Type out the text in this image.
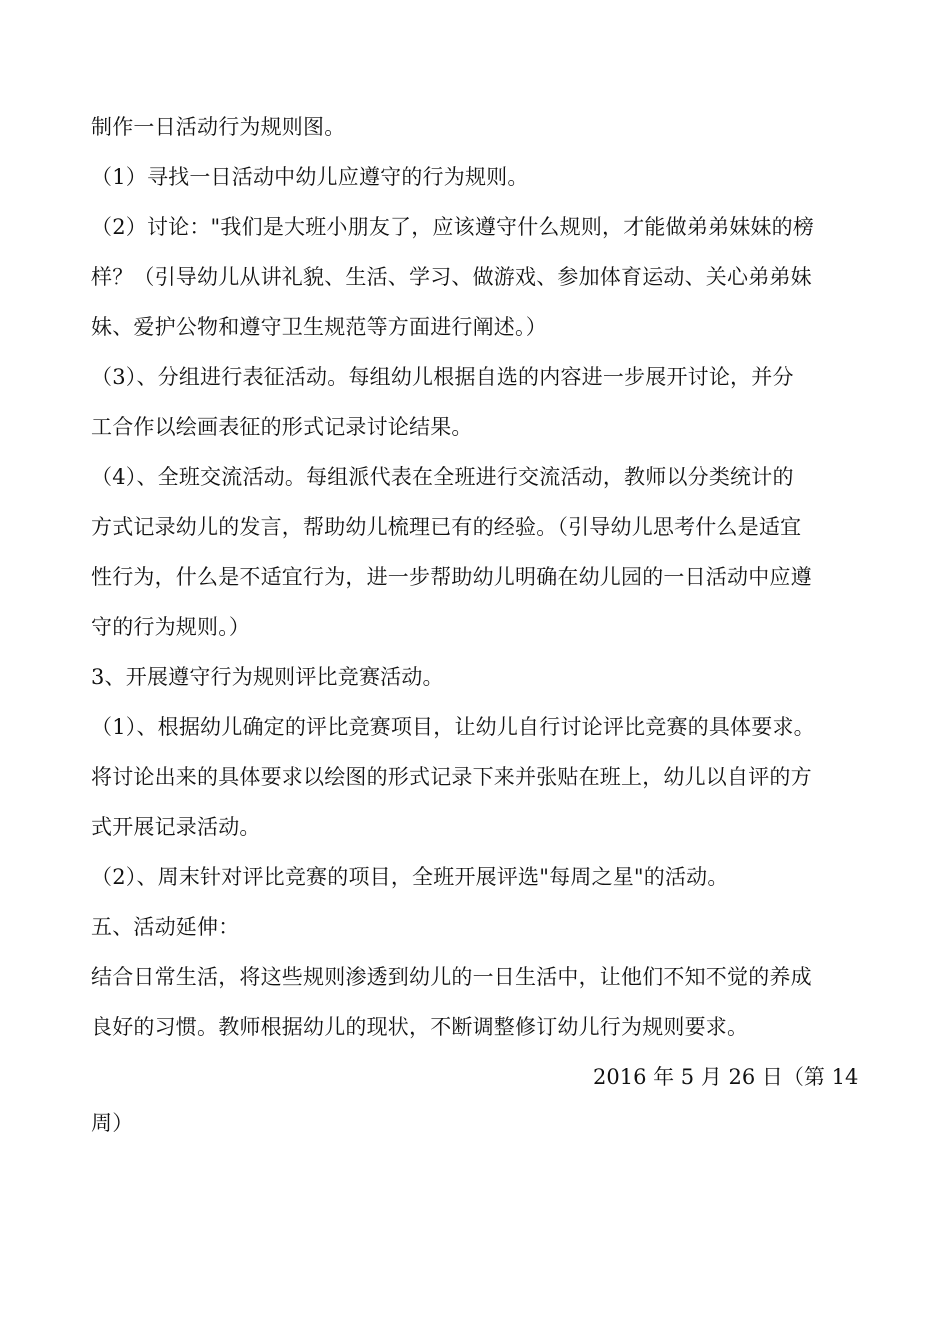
制作一日活动行为规则图。
（1）寻找一日活动中幼儿应遵守的行为规则。
（2）讨论："我们是大班小朋友了，应该遵守什么规则，才能做弟弟妹妹的榜
样？（引导幼儿从讲礼貌、生活、学习、做游戏、参加体育运动、关心弟弟妹
妹、爱护公物和遵守卫生规范等方面进行阐述。）
（3）、分组进行表征活动。每组幼儿根据自选的内容进一步展开讨论，并分
工合作以绘画表征的形式记录讨论结果。
（4）、全班交流活动。每组派代表在全班进行交流活动，教师以分类统计的
方式记录幼儿的发言，帮助幼儿梳理已有的经验。（引导幼儿思考什么是适宜
性行为，什么是不适宜行为，进一步帮助幼儿明确在幼儿园的一日活动中应遵
守的行为规则。）
3、开展遵守行为规则评比竞赛活动。
（1）、根据幼儿确定的评比竞赛项目，让幼儿自行讨论评比竞赛的具体要求。
将讨论出来的具体要求以绘图的形式记录下来并张贴在班上，幼儿以自评的方
式开展记录活动。
（2）、周末针对评比竞赛的项目，全班开展评选"每周之星"的活动。
五、活动延伸：
结合日常生活，将这些规则渗透到幼儿的一日生活中，让他们不知不觉的养成
良好的习惯。教师根据幼儿的现状，不断调整修订幼儿行为规则要求。
2016 年 5 月 26 日（第 14
周）
